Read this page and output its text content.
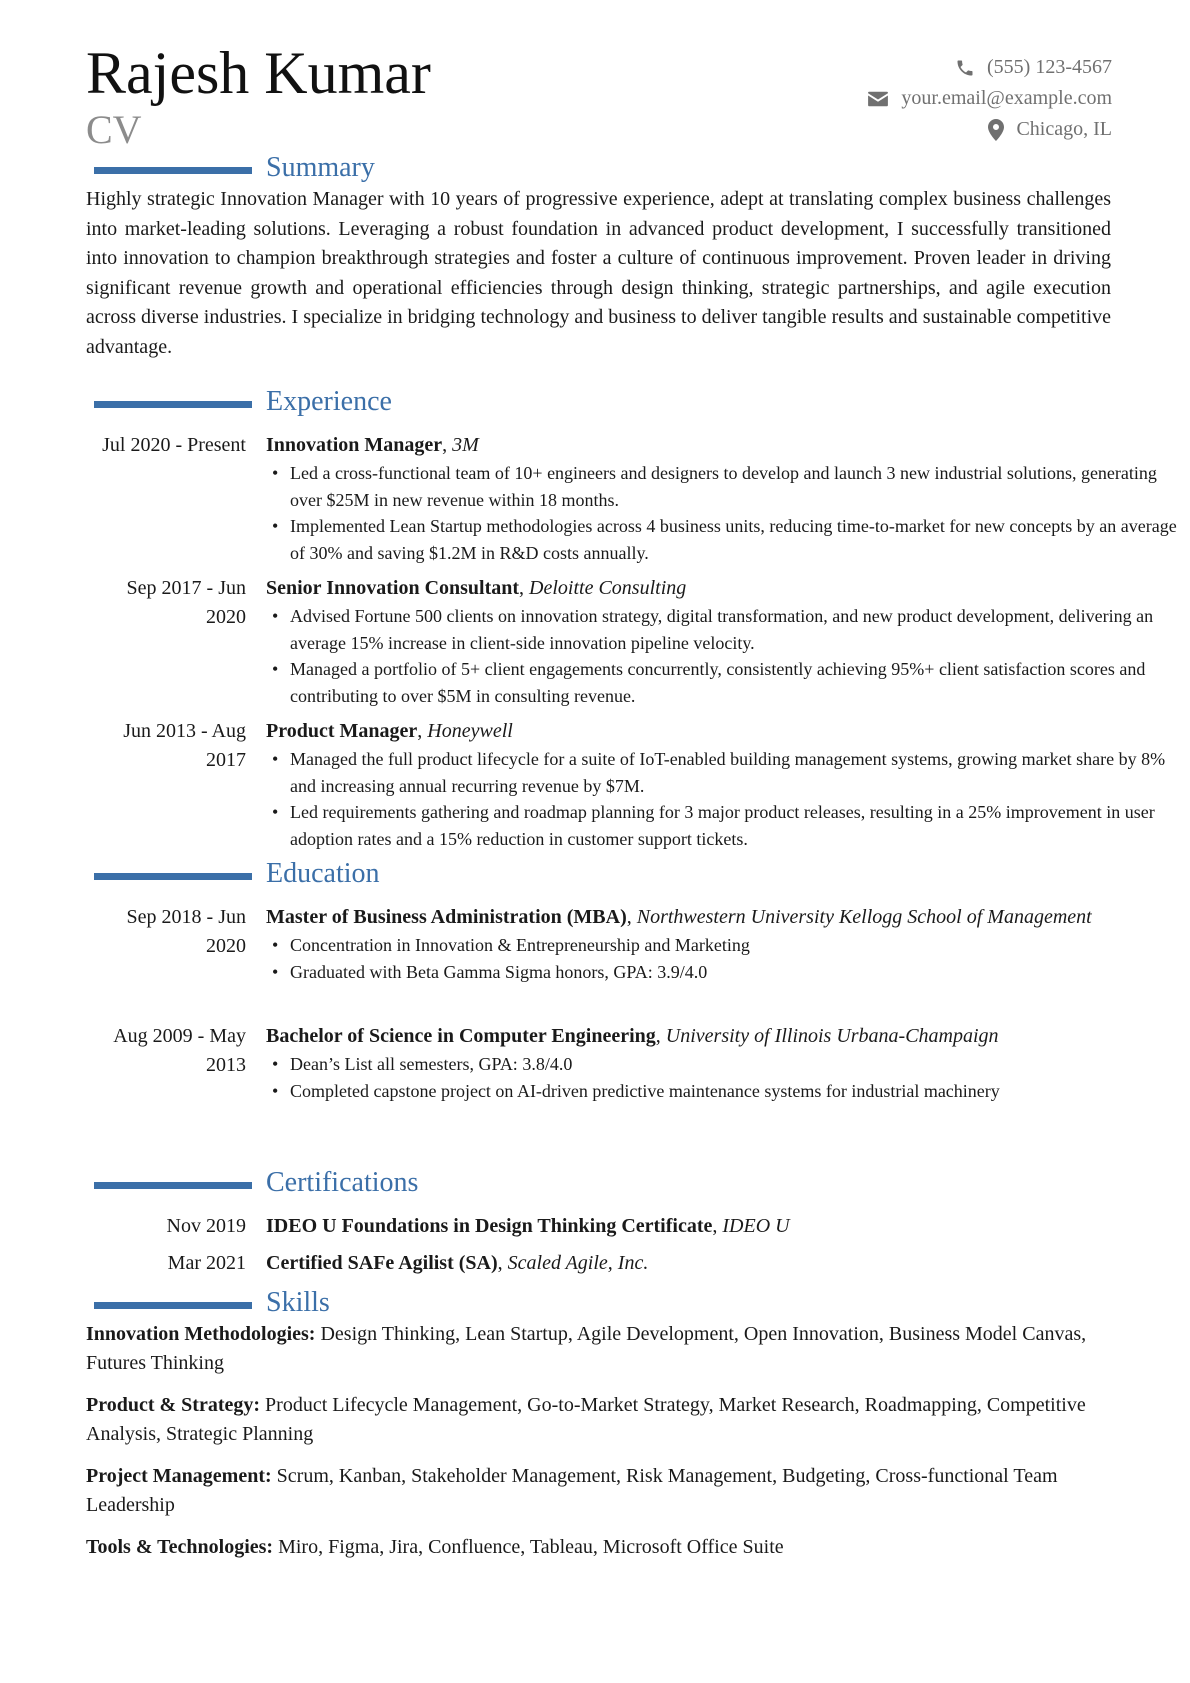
Rajesh Kumar
CV
(555) 123-4567
your.email@example.com
Chicago, IL
Summary

Highly strategic Innovation Manager with 10 years of progressive experience, adept at translating complex business challenges into market-leading solutions. Leveraging a robust foundation in advanced product development, I successfully transitioned into innovation to champion breakthrough strategies and foster a culture of continuous improvement. Proven leader in driving significant revenue growth and operational efficiencies through design thinking, strategic partnerships, and agile execution across diverse industries. I specialize in bridging technology and business to deliver tangible results and sustainable competitive advantage.

Experience
Jul 2020 - Present Innovation Manager, 3M
• Led a cross-functional team of 10+ engineers and designers to develop and launch 3 new industrial solutions, generating over $25M in new revenue within 18 months.
• Implemented Lean Startup methodologies across 4 business units, reducing time-to-market for new concepts by an average of 30% and saving $1.2M in R&D costs annually.
Sep 2017 - Jun 2020
Senior Innovation Consultant, Deloitte Consulting
• Advised Fortune 500 clients on innovation strategy, digital transformation, and new product development, delivering an average 15% increase in client-side innovation pipeline velocity.
• Managed a portfolio of 5+ client engagements concurrently, consistently achieving 95%+ client satisfaction scores and contributing to over $5M in consulting revenue.
Jun 2013 - Aug 2017
Product Manager, Honeywell
• Managed the full product lifecycle for a suite of IoT-enabled building management systems, growing market share by 8% and increasing annual recurring revenue by $7M.
• Led requirements gathering and roadmap planning for 3 major product releases, resulting in a 25% improvement in user adoption rates and a 15% reduction in customer support tickets.
Education
Sep 2018 - Jun 2020
Master of Business Administration (MBA), Northwestern University Kellogg School of Management
• Concentration in Innovation & Entrepreneurship and Marketing
• Graduated with Beta Gamma Sigma honors, GPA: 3.9/4.0
Aug 2009 - May 2013
Bachelor of Science in Computer Engineering, University of Illinois Urbana-Champaign
• Dean’s List all semesters, GPA: 3.8/4.0
• Completed capstone project on AI-driven predictive maintenance systems for industrial machinery
Certifications
Nov 2019 IDEO U Foundations in Design Thinking Certificate, IDEO U
Mar 2021 Certified SAFe Agilist (SA), Scaled Agile, Inc.
Skills
Innovation Methodologies: Design Thinking, Lean Startup, Agile Development, Open Innovation, Business Model Canvas, Futures Thinking
Product & Strategy: Product Lifecycle Management, Go-to-Market Strategy, Market Research, Roadmapping, Competitive Analysis, Strategic Planning
Project Management: Scrum, Kanban, Stakeholder Management, Risk Management, Budgeting, Cross-functional Team Leadership
Tools & Technologies: Miro, Figma, Jira, Confluence, Tableau, Microsoft Office Suite
